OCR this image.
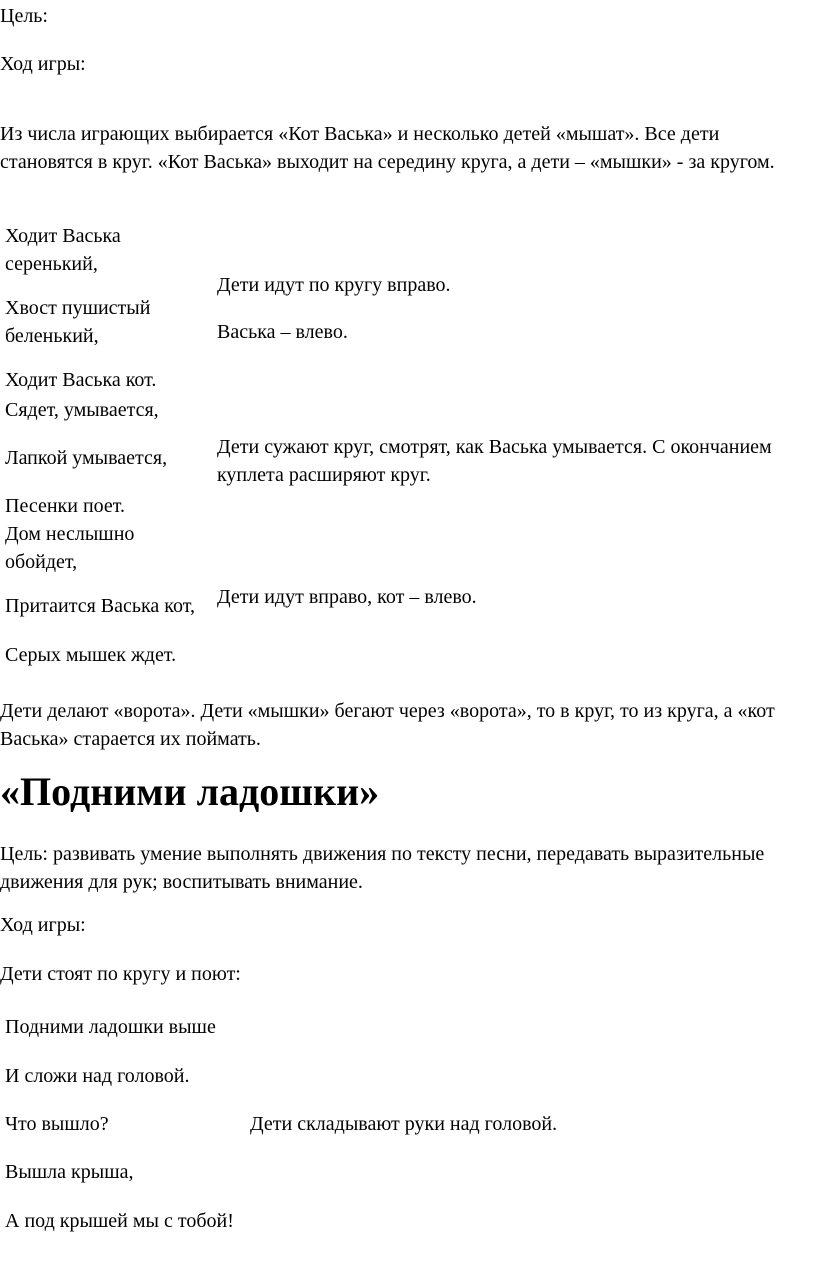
Цель:

Ход игры:

Из числа играющих выбирается «Кот Васька» и несколько детей «мышат». Все дети становятся в круг. «Кот Васька» выходит на середину круга, а дети – «мышки» - за кругом.

Ходит Васька сеpенький,

Хвост пушистый беленький,

Ходит Васька кот.

Дети идут по кругу вправо.

Васька – влево.

Сядет, умывается,

Лапкой умывается,

Песенки поет.

Дети сужают круг, смотрят, как Васька умывается. С окончанием куплета расширяют круг.

Дом неслышно обойдет,

Притаится Васька кот,

Серых мышек ждет.

Дети идут вправо, кот – влево.

Дети делают «ворота». Дети «мышки» бегают через «ворота», то в круг, то из круга, а «кот Васька» старается их поймать.

«Подними ладошки»

Цель: развивать умение выполнять движения по тексту песни, передавать выразительные движения для рук; воспитывать внимание.

Ход игры:

Дети стоят по кругу и поют:

Подними ладошки выше

И сложи над головой.

Что вышло?	Дети складывают руки над головой.

Вышла крыша,

А под крышей мы с тобой!
